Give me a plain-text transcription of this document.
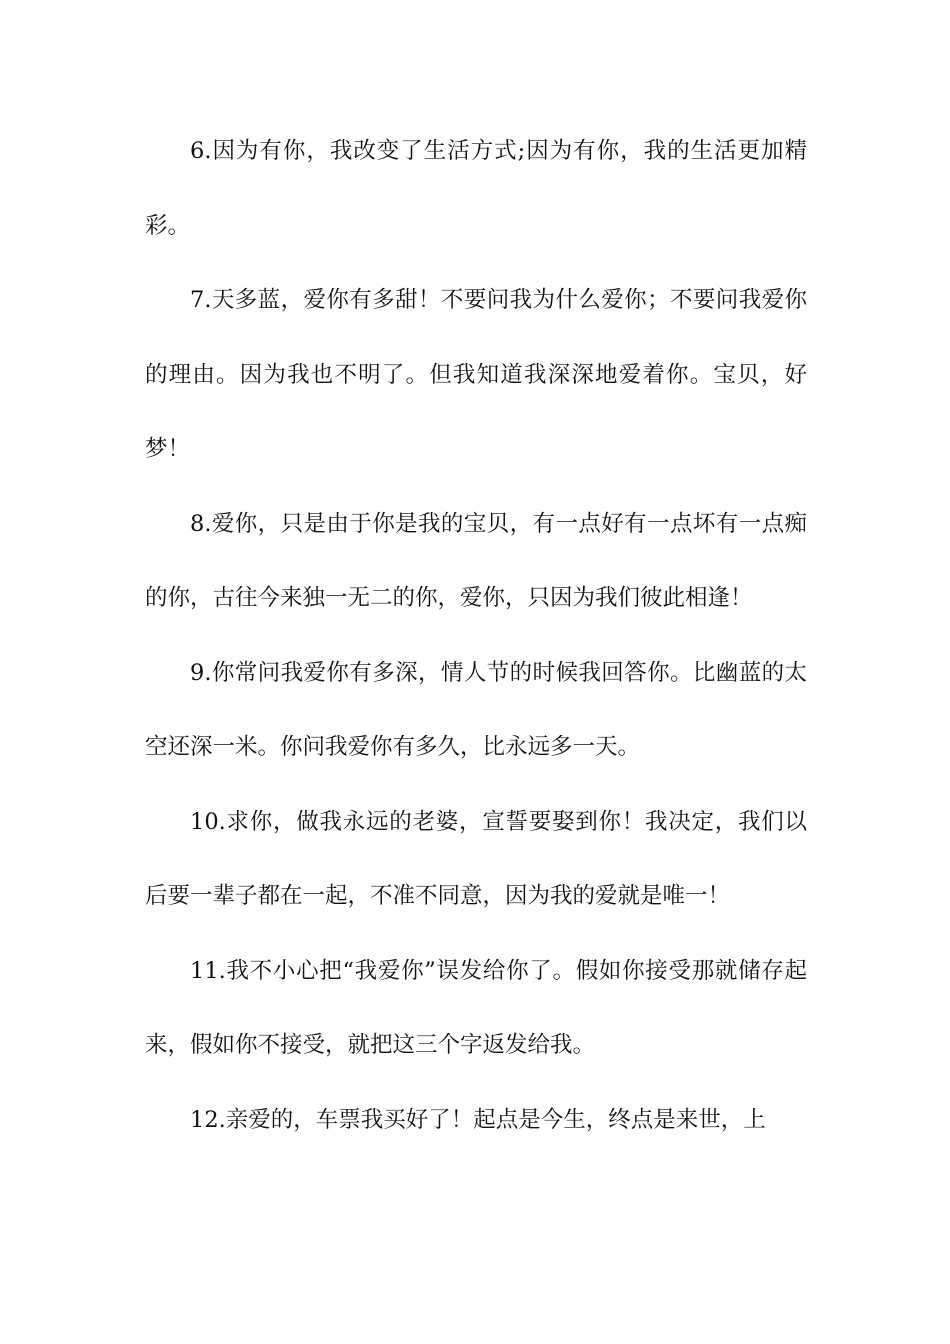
6.因为有你，我改变了生活方式;因为有你，我的生活更加精彩。

7.天多蓝，爱你有多甜！不要问我为什么爱你；不要问我爱你的理由。因为我也不明了。但我知道我深深地爱着你。宝贝，好梦！

8.爱你，只是由于你是我的宝贝，有一点好有一点坏有一点痴的你，古往今来独一无二的你，爱你，只因为我们彼此相逢！

9.你常问我爱你有多深，情人节的时候我回答你。比幽蓝的太空还深一米。你问我爱你有多久，比永远多一天。

10.求你，做我永远的老婆，宣誓要娶到你！我决定，我们以后要一辈子都在一起，不准不同意，因为我的爱就是唯一！

11.我不小心把“我爱你”误发给你了。假如你接受那就储存起来，假如你不接受，就把这三个字返发给我。

12.亲爱的，车票我买好了！起点是今生，终点是来世，上
